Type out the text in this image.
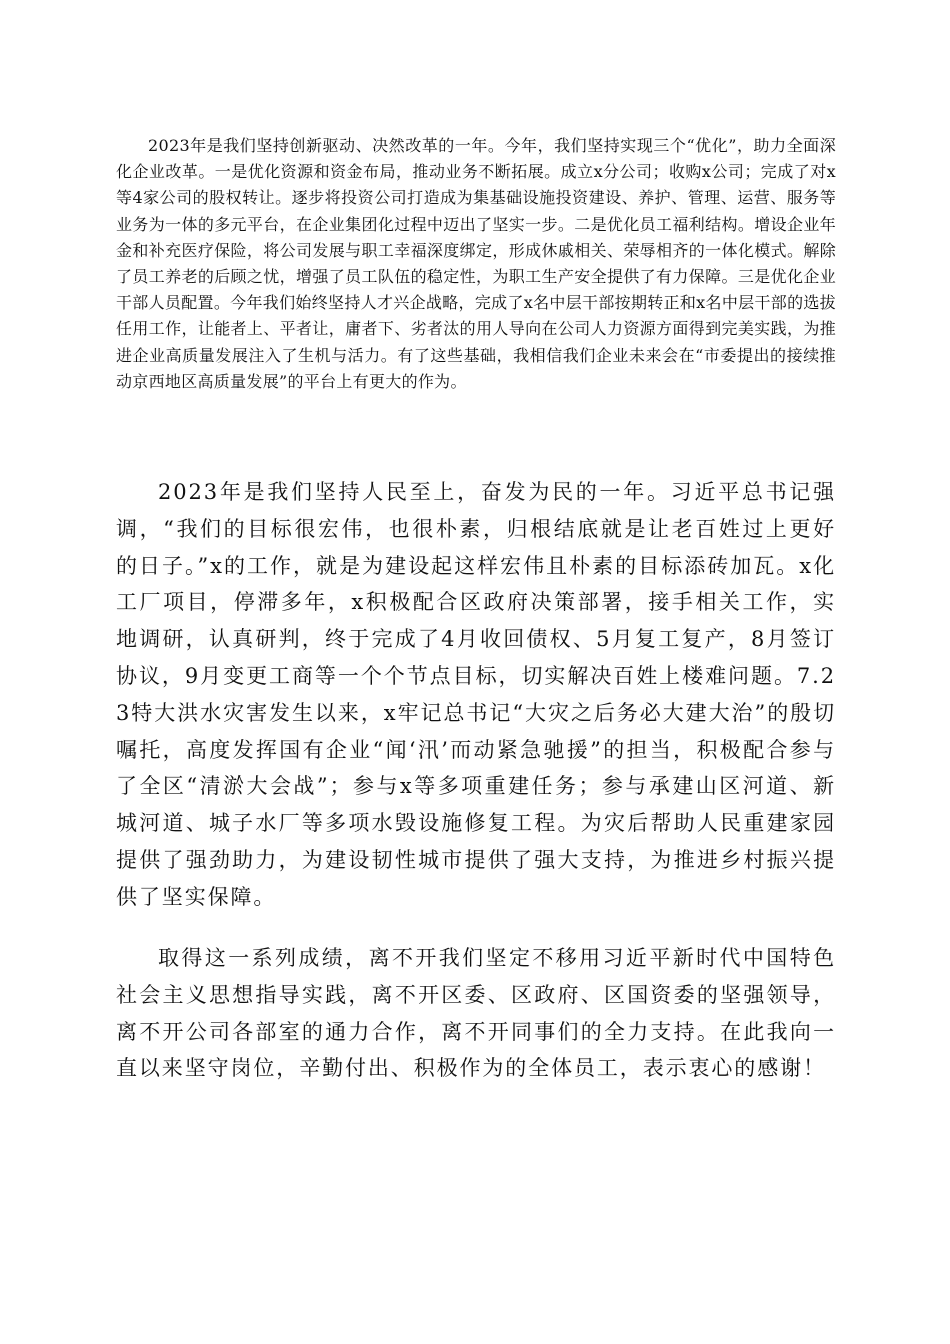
2023年是我们坚持创新驱动、决然改革的一年。今年，我们坚持实现三个“优化”，助力全面深化企业改革。一是优化资源和资金布局，推动业务不断拓展。成立x分公司；收购x公司；完成了对x等4家公司的股权转让。逐步将投资公司打造成为集基础设施投资建设、养护、管理、运营、服务等业务为一体的多元平台，在企业集团化过程中迈出了坚实一步。二是优化员工福利结构。增设企业年金和补充医疗保险，将公司发展与职工幸福深度绑定，形成休戚相关、荣辱相齐的一体化模式。解除了员工养老的后顾之忧，增强了员工队伍的稳定性，为职工生产安全提供了有力保障。三是优化企业干部人员配置。今年我们始终坚持人才兴企战略，完成了x名中层干部按期转正和x名中层干部的选拔任用工作，让能者上、平者让，庸者下、劣者汰的用人导向在公司人力资源方面得到完美实践，为推进企业高质量发展注入了生机与活力。有了这些基础，我相信我们企业未来会在“市委提出的接续推动京西地区高质量发展”的平台上有更大的作为。

2023年是我们坚持人民至上，奋发为民的一年。习近平总书记强调，“我们的目标很宏伟，也很朴素，归根结底就是让老百姓过上更好的日子。”x的工作，就是为建设起这样宏伟且朴素的目标添砖加瓦。x化工厂项目，停滞多年，x积极配合区政府决策部署，接手相关工作，实地调研，认真研判，终于完成了4月收回债权、5月复工复产，8月签订协议，9月变更工商等一个个节点目标，切实解决百姓上楼难问题。7.23特大洪水灾害发生以来，x牢记总书记“大灾之后务必大建大治”的殷切嘱托，高度发挥国有企业“闻‘汛’而动紧急驰援”的担当，积极配合参与了全区“清淤大会战”；参与x等多项重建任务；参与承建山区河道、新城河道、城子水厂等多项水毁设施修复工程。为灾后帮助人民重建家园提供了强劲助力，为建设韧性城市提供了强大支持，为推进乡村振兴提供了坚实保障。

取得这一系列成绩，离不开我们坚定不移用习近平新时代中国特色社会主义思想指导实践，离不开区委、区政府、区国资委的坚强领导，离不开公司各部室的通力合作，离不开同事们的全力支持。在此我向一直以来坚守岗位，辛勤付出、积极作为的全体员工，表示衷心的感谢！
